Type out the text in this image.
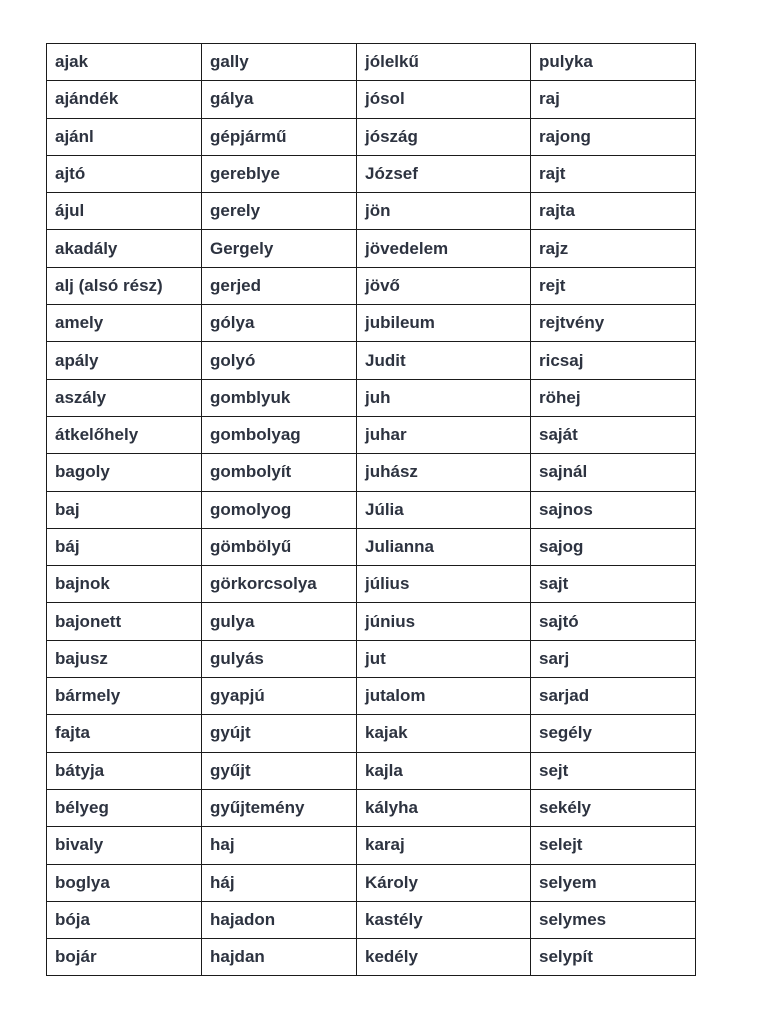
ajak	gally	jólelkű	pulyka
ajándék	gálya	jósol	raj
ajánl	gépjármű	jószág	rajong
ajtó	gereblye	József	rajt
ájul	gerely	jön	rajta
akadály	Gergely	jövedelem	rajz
alj (alsó rész)	gerjed	jövő	rejt
amely	gólya	jubileum	rejtvény
apály	golyó	Judit	ricsaj
aszály	gomblyuk	juh	röhej
átkelőhely	gombolyag	juhar	saját
bagoly	gombolyít	juhász	sajnál
baj	gomolyog	Júlia	sajnos
báj	gömbölyű	Julianna	sajog
bajnok	görkorcsolya	július	sajt
bajonett	gulya	június	sajtó
bajusz	gulyás	jut	sarj
bármely	gyapjú	jutalom	sarjad
fajta	gyújt	kajak	segély
bátyja	gyűjt	kajla	sejt
bélyeg	gyűjtemény	kályha	sekély
bivaly	haj	karaj	selejt
boglya	háj	Károly	selyem
bója	hajadon	kastély	selymes
bojár	hajdan	kedély	selypít
